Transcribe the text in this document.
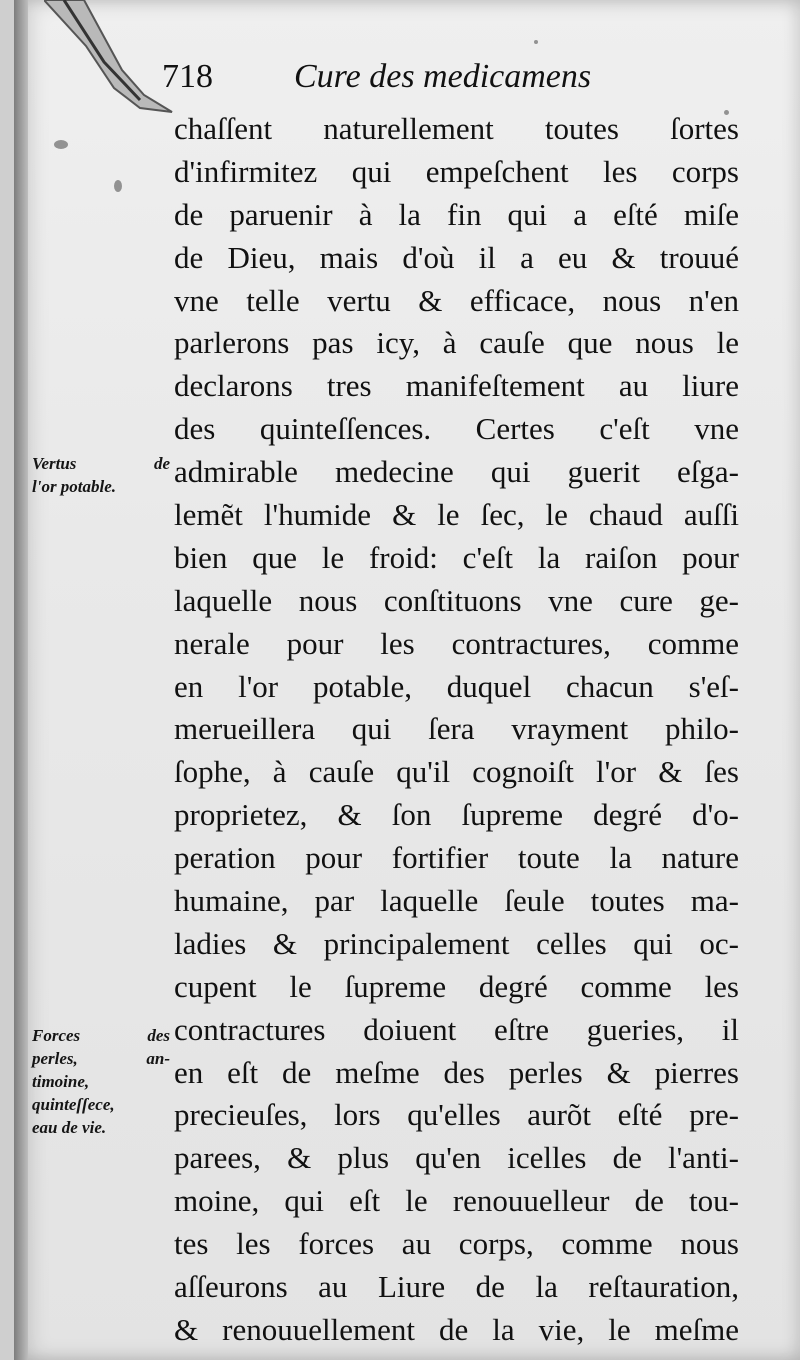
718 Cure des medicamens
Vertus de
l'or potable.
Forces des
perles, an-
timoine,
quinteſſece,
eau de vie.
chaſſent naturellement toutes ſortes
d'infirmitez qui empeſchent les corps
de paruenir à la fin qui a eſté miſe
de Dieu, mais d'où il a eu & trouué
vne telle vertu & efficace, nous n'en
parlerons pas icy, à cauſe que nous le
declarons tres manifeſtement au liure
des quinteſſences. Certes c'eſt vne
admirable medecine qui guerit eſga-
lemẽt l'humide & le ſec, le chaud auſſi
bien que le froid: c'eſt la raiſon pour
laquelle nous conſtituons vne cure ge-
nerale pour les contractures, comme
en l'or potable, duquel chacun s'eſ-
merueillera qui ſera vrayment philo-
ſophe, à cauſe qu'il cognoiſt l'or & ſes
proprietez, & ſon ſupreme degré d'o-
peration pour fortifier toute la nature
humaine, par laquelle ſeule toutes ma-
ladies & principalement celles qui oc-
cupent le ſupreme degré comme les
contractures doiuent eſtre gueries, il
en eſt de meſme des perles & pierres
precieuſes, lors qu'elles aurõt eſté pre-
parees, & plus qu'en icelles de l'anti-
moine, qui eſt le renouuelleur de tou-
tes les forces au corps, comme nous
aſſeurons au Liure de la reſtauration,
& renouuellement de la vie, le meſme
